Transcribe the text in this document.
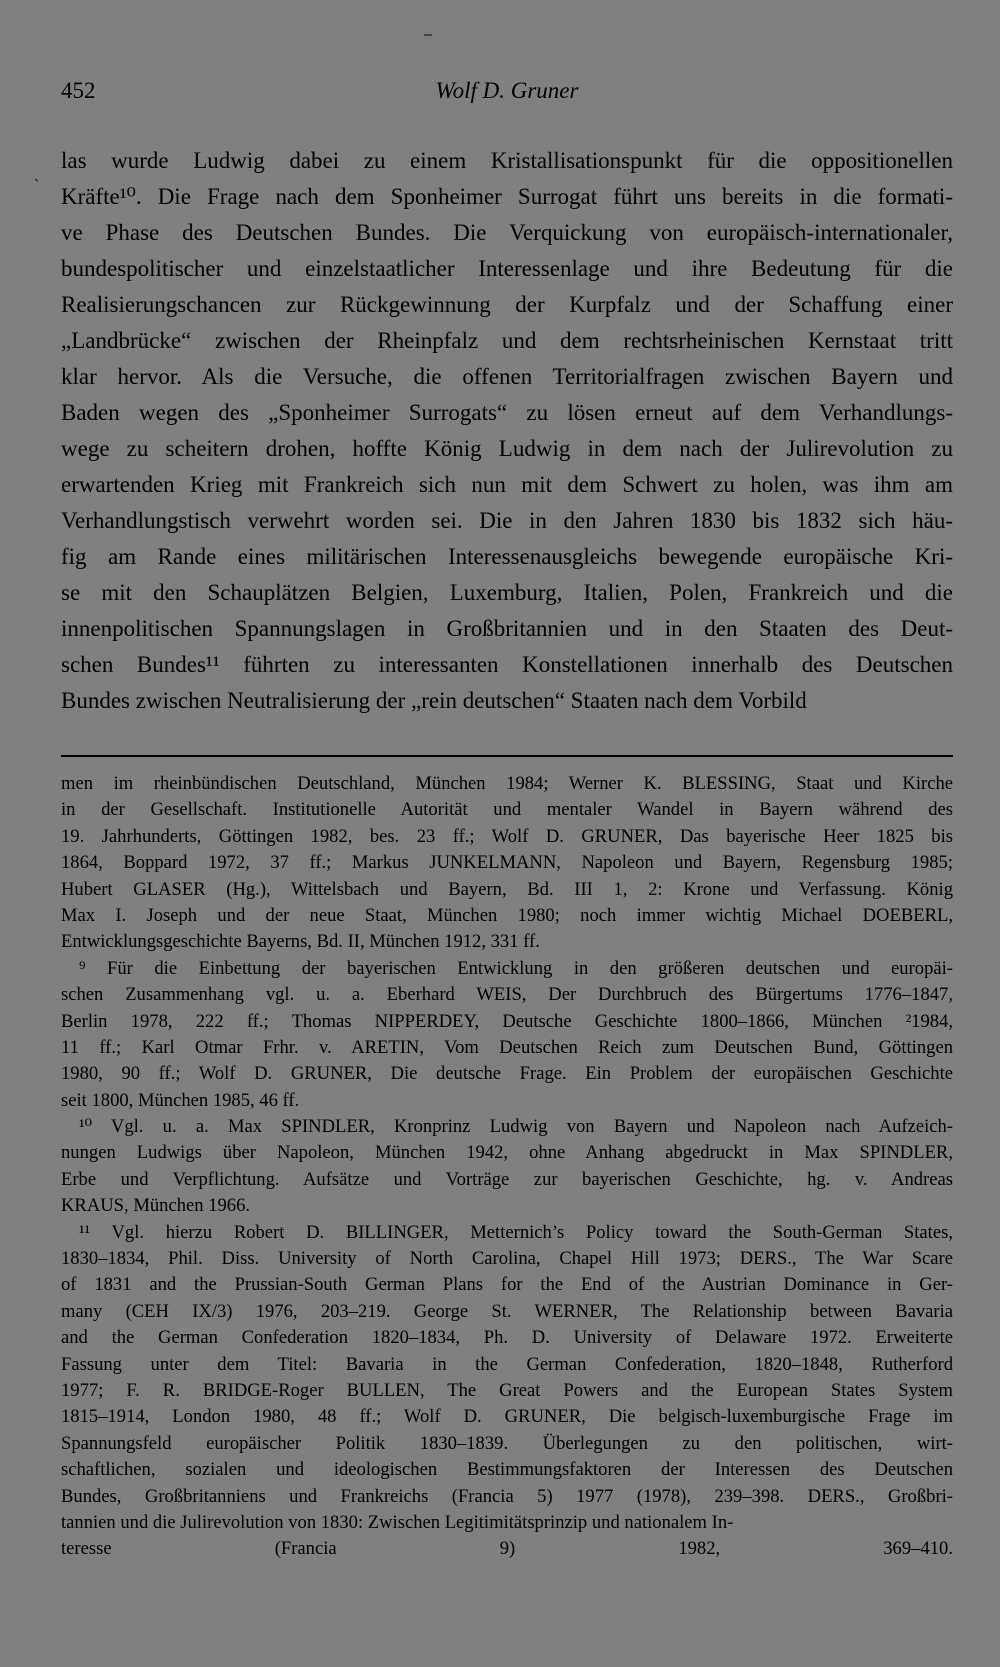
ˋ
452	Wolf D. Gruner
las wurde Ludwig dabei zu einem Kristallisationspunkt für die oppositionellen
Kräfte¹⁰. Die Frage nach dem Sponheimer Surrogat führt uns bereits in die formati-
ve Phase des Deutschen Bundes. Die Verquickung von europäisch-internationaler,
bundespolitischer und einzelstaatlicher Interessenlage und ihre Bedeutung für die
Realisierungschancen zur Rückgewinnung der Kurpfalz und der Schaffung einer
„Landbrücke“ zwischen der Rheinpfalz und dem rechtsrheinischen Kernstaat tritt
klar hervor. Als die Versuche, die offenen Territorialfragen zwischen Bayern und
Baden wegen des „Sponheimer Surrogats“ zu lösen erneut auf dem Verhandlungs-
wege zu scheitern drohen, hoffte König Ludwig in dem nach der Julirevolution zu
erwartenden Krieg mit Frankreich sich nun mit dem Schwert zu holen, was ihm am
Verhandlungstisch verwehrt worden sei. Die in den Jahren 1830 bis 1832 sich häu-
fig am Rande eines militärischen Interessenausgleichs bewegende europäische Kri-
se mit den Schauplätzen Belgien, Luxemburg, Italien, Polen, Frankreich und die
innenpolitischen Spannungslagen in Großbritannien und in den Staaten des Deut-
schen Bundes¹¹ führten zu interessanten Konstellationen innerhalb des Deutschen
Bundes zwischen Neutralisierung der „rein deutschen“ Staaten nach dem Vorbild
men im rheinbündischen Deutschland, München 1984; Werner K. BLESSING, Staat und Kirche
in der Gesellschaft. Institutionelle Autorität und mentaler Wandel in Bayern während des
19. Jahrhunderts, Göttingen 1982, bes. 23 ff.; Wolf D. GRUNER, Das bayerische Heer 1825 bis
1864, Boppard 1972, 37 ff.; Markus JUNKELMANN, Napoleon und Bayern, Regensburg 1985;
Hubert GLASER (Hg.), Wittelsbach und Bayern, Bd. III 1, 2: Krone und Verfassung. König
Max I. Joseph und der neue Staat, München 1980; noch immer wichtig Michael DOEBERL,
Entwicklungsgeschichte Bayerns, Bd. II, München 1912, 331 ff.
⁹ Für die Einbettung der bayerischen Entwicklung in den größeren deutschen und europäi-
schen Zusammenhang vgl. u. a. Eberhard WEIS, Der Durchbruch des Bürgertums 1776–1847,
Berlin 1978, 222 ff.; Thomas NIPPERDEY, Deutsche Geschichte 1800–1866, München ²1984,
11 ff.; Karl Otmar Frhr. v. ARETIN, Vom Deutschen Reich zum Deutschen Bund, Göttingen
1980, 90 ff.; Wolf D. GRUNER, Die deutsche Frage. Ein Problem der europäischen Geschichte
seit 1800, München 1985, 46 ff.
¹⁰ Vgl. u. a. Max SPINDLER, Kronprinz Ludwig von Bayern und Napoleon nach Aufzeich-
nungen Ludwigs über Napoleon, München 1942, ohne Anhang abgedruckt in Max SPINDLER,
Erbe und Verpflichtung. Aufsätze und Vorträge zur bayerischen Geschichte, hg. v. Andreas
KRAUS, München 1966.
¹¹ Vgl. hierzu Robert D. BILLINGER, Metternich’s Policy toward the South-German States,
1830–1834, Phil. Diss. University of North Carolina, Chapel Hill 1973; DERS., The War Scare
of 1831 and the Prussian-South German Plans for the End of the Austrian Dominance in Ger-
many (CEH IX/3) 1976, 203–219. George St. WERNER, The Relationship between Bavaria
and the German Confederation 1820–1834, Ph. D. University of Delaware 1972. Erweiterte
Fassung unter dem Titel: Bavaria in the German Confederation, 1820–1848, Rutherford
1977; F. R. BRIDGE-Roger BULLEN, The Great Powers and the European States System
1815–1914, London 1980, 48 ff.; Wolf D. GRUNER, Die belgisch-luxemburgische Frage im
Spannungsfeld europäischer Politik 1830–1839. Überlegungen zu den politischen, wirt-
schaftlichen, sozialen und ideologischen Bestimmungsfaktoren der Interessen des Deutschen
Bundes, Großbritanniens und Frankreichs (Francia 5) 1977 (1978), 239–398. DERS., Großbri-
tannien und die Julirevolution von 1830: Zwischen Legitimitätsprinzip und nationalem In-
teresse (Francia 9) 1982, 369–410.
